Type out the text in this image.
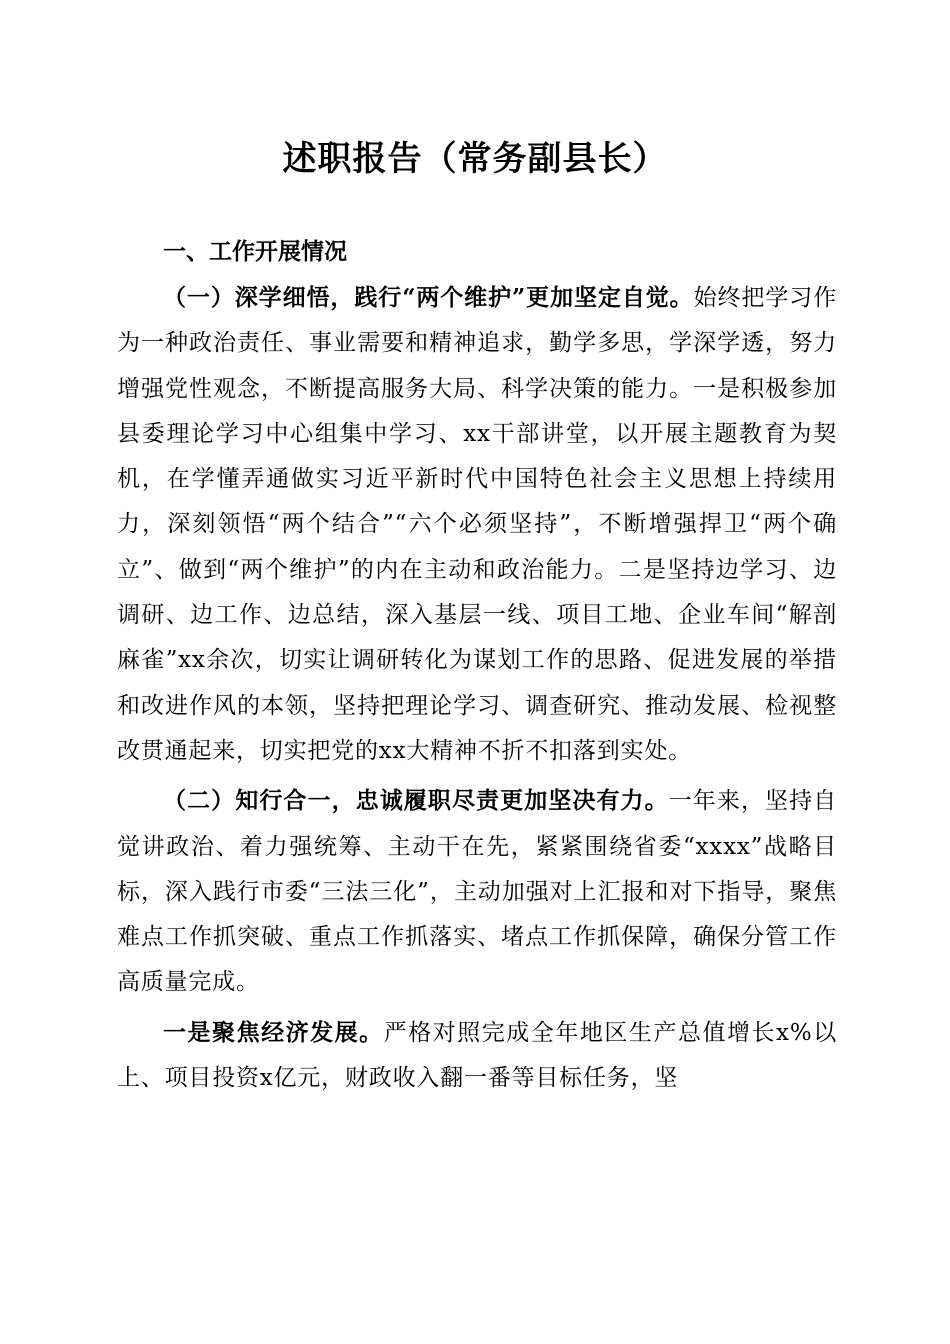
述职报告（常务副县长）

一、工作开展情况

（一）深学细悟，践行“两个维护”更加坚定自觉。始终把学习作为一种政治责任、事业需要和精神追求，勤学多思，学深学透，努力增强党性观念，不断提高服务大局、科学决策的能力。一是积极参加县委理论学习中心组集中学习、xx干部讲堂，以开展主题教育为契机，在学懂弄通做实习近平新时代中国特色社会主义思想上持续用力，深刻领悟“两个结合”“六个必须坚持”，不断增强捍卫“两个确立”、做到“两个维护”的内在主动和政治能力。二是坚持边学习、边调研、边工作、边总结，深入基层一线、项目工地、企业车间“解剖麻雀”xx余次，切实让调研转化为谋划工作的思路、促进发展的举措和改进作风的本领，坚持把理论学习、调查研究、推动发展、检视整改贯通起来，切实把党的xx大精神不折不扣落到实处。

（二）知行合一，忠诚履职尽责更加坚决有力。一年来，坚持自觉讲政治、着力强统筹、主动干在先，紧紧围绕省委“xxxx”战略目标，深入践行市委“三法三化”，主动加强对上汇报和对下指导，聚焦难点工作抓突破、重点工作抓落实、堵点工作抓保障，确保分管工作高质量完成。

一是聚焦经济发展。严格对照完成全年地区生产总值增长x%以上、项目投资x亿元，财政收入翻一番等目标任务，坚
